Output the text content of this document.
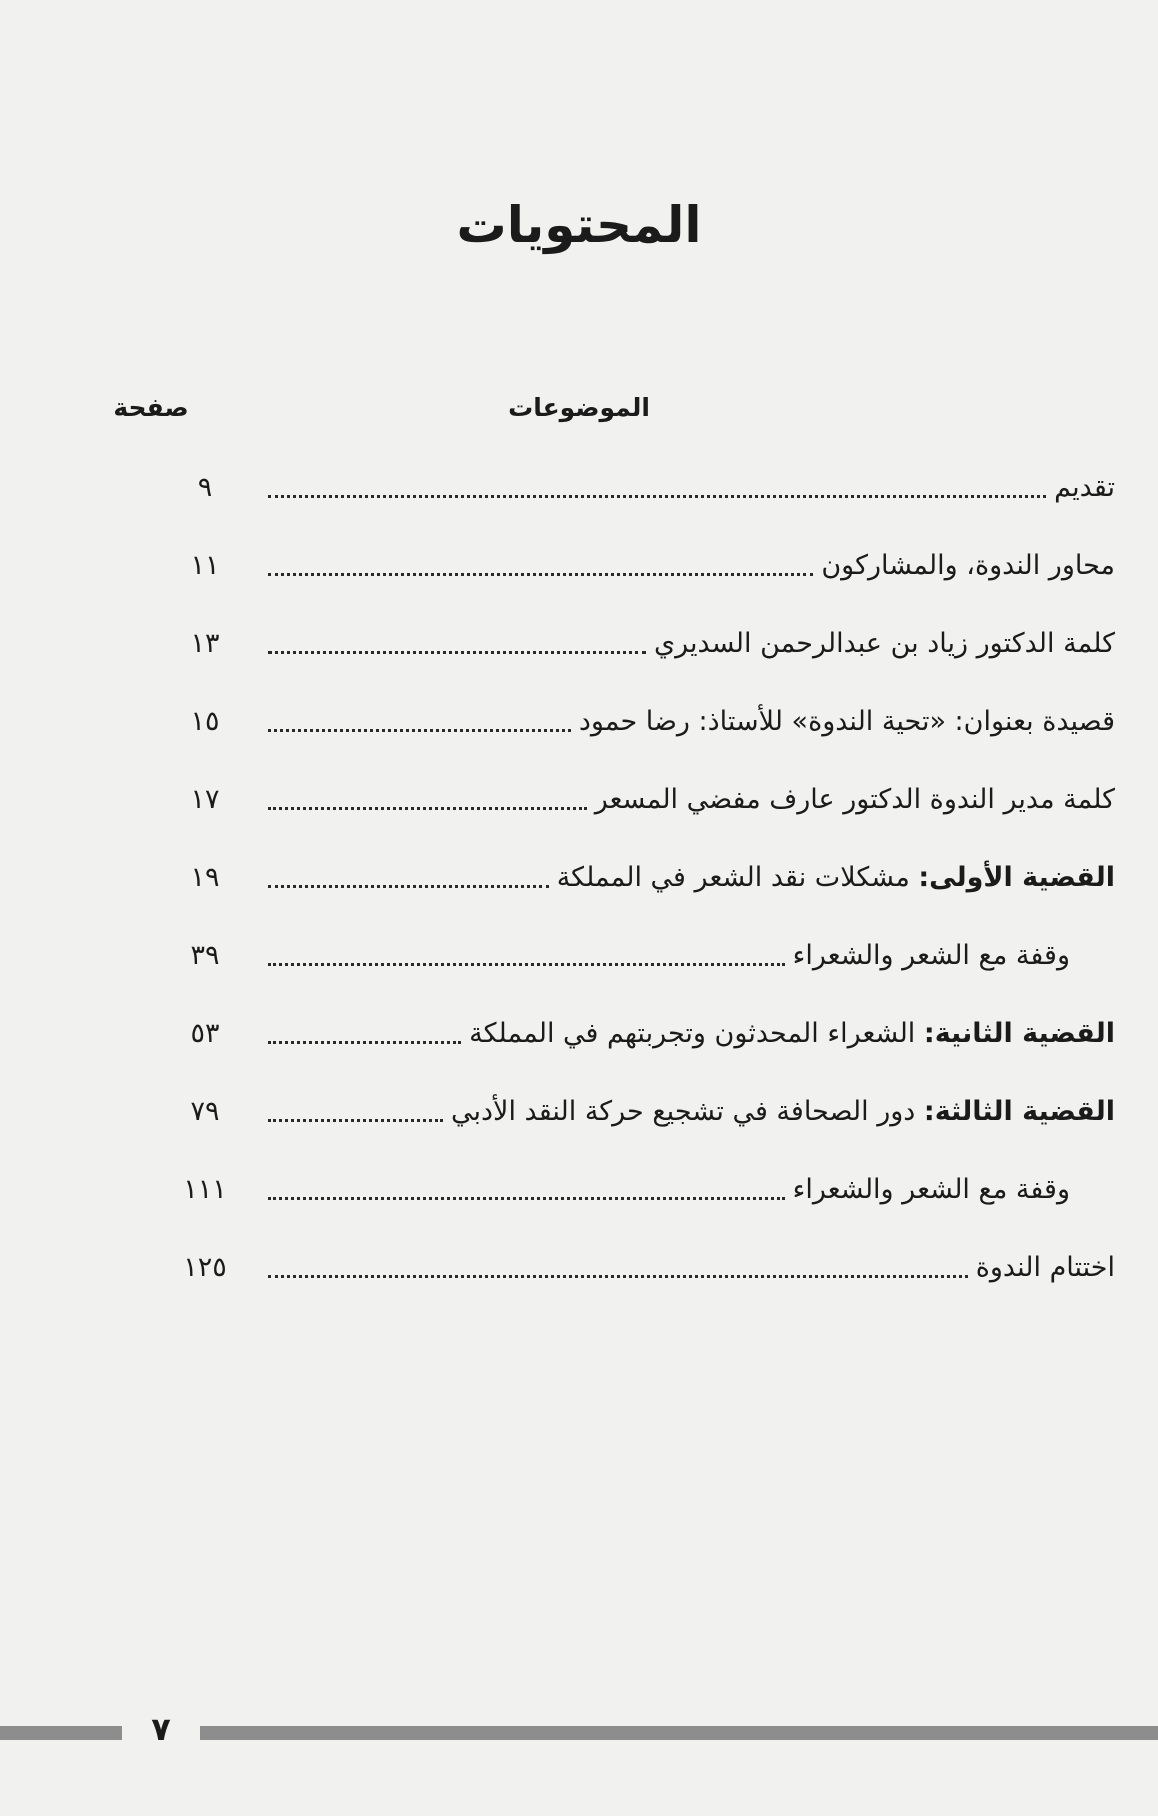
المحتويات
الموضوعات
صفحة
تقديم
٩
محاور الندوة، والمشاركون
١١
كلمة الدكتور زياد بن عبدالرحمن السديري
١٣
قصيدة بعنوان: «تحية الندوة» للأستاذ: رضا حمود
١٥
كلمة مدير الندوة الدكتور عارف مفضي المسعر
١٧
القضية الأولى: مشكلات نقد الشعر في المملكة
١٩
وقفة مع الشعر والشعراء
٣٩
القضية الثانية: الشعراء المحدثون وتجربتهم في المملكة
٥٣
القضية الثالثة: دور الصحافة في تشجيع حركة النقد الأدبي
٧٩
وقفة مع الشعر والشعراء
١١١
اختتام الندوة
١٢٥
٧
